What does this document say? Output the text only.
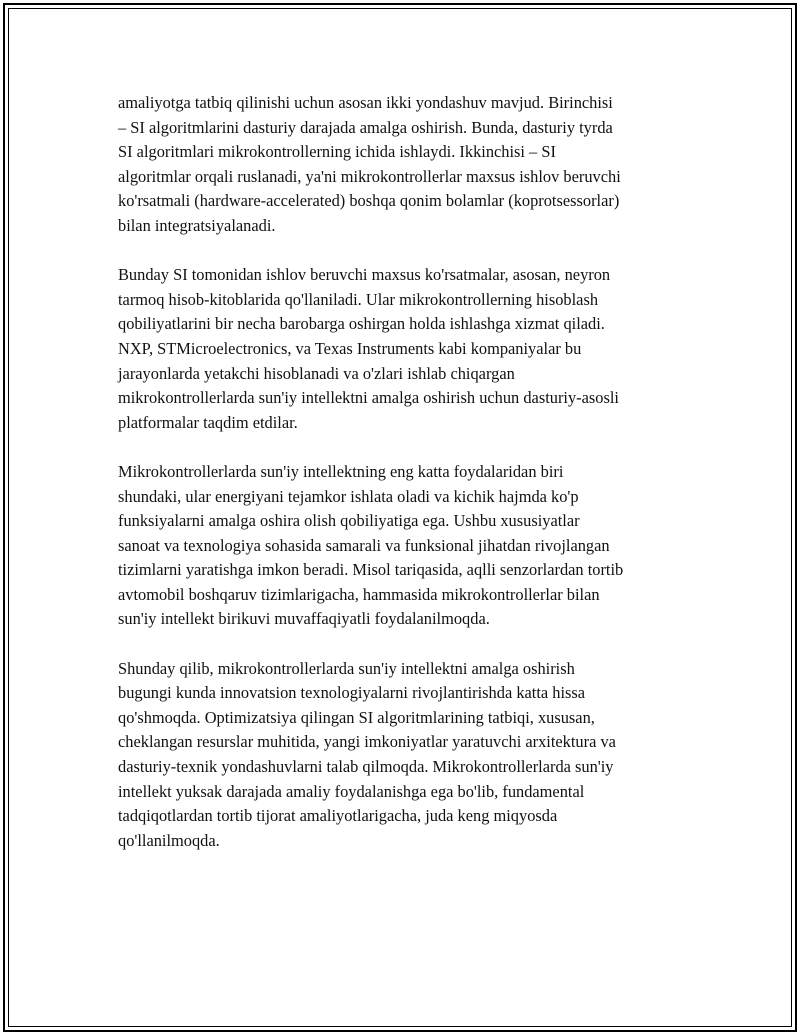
amaliyotga tatbiq qilinishi uchun asosan ikki yondashuv mavjud. Birinchisi
– SI algoritmlarini dasturiy darajada amalga oshirish. Bunda, dasturiy tyrda
SI algoritmlari mikrokontrollerning ichida ishlaydi. Ikkinchisi – SI
algoritmlar orqali ruslanadi, ya'ni mikrokontrollerlar maxsus ishlov beruvchi
ko'rsatmali (hardware-accelerated) boshqa qonim bolamlar (koprotsessorlar)
bilan integratsiyalanadi.

Bunday SI tomonidan ishlov beruvchi maxsus ko'rsatmalar, asosan, neyron
tarmoq hisob-kitoblarida qo'llaniladi. Ular mikrokontrollerning hisoblash
qobiliyatlarini bir necha barobarga oshirgan holda ishlashga xizmat qiladi.
NXP, STMicroelectronics, va Texas Instruments kabi kompaniyalar bu
jarayonlarda yetakchi hisoblanadi va o'zlari ishlab chiqargan
mikrokontrollerlarda sun'iy intellektni amalga oshirish uchun dasturiy-asosli
platformalar taqdim etdilar.

Mikrokontrollerlarda sun'iy intellektning eng katta foydalaridan biri
shundaki, ular energiyani tejamkor ishlata oladi va kichik hajmda ko'p
funksiyalarni amalga oshira olish qobiliyatiga ega. Ushbu xususiyatlar
sanoat va texnologiya sohasida samarali va funksional jihatdan rivojlangan
tizimlarni yaratishga imkon beradi. Misol tariqasida, aqlli senzorlardan tortib
avtomobil boshqaruv tizimlarigacha, hammasida mikrokontrollerlar bilan
sun'iy intellekt birikuvi muvaffaqiyatli foydalanilmoqda.

Shunday qilib, mikrokontrollerlarda sun'iy intellektni amalga oshirish
bugungi kunda innovatsion texnologiyalarni rivojlantirishda katta hissa
qo'shmoqda. Optimizatsiya qilingan SI algoritmlarining tatbiqi, xususan,
cheklangan resurslar muhitida, yangi imkoniyatlar yaratuvchi arxitektura va
dasturiy-texnik yondashuvlarni talab qilmoqda. Mikrokontrollerlarda sun'iy
intellekt yuksak darajada amaliy foydalanishga ega bo'lib, fundamental
tadqiqotlardan tortib tijorat amaliyotlarigacha, juda keng miqyosda
qo'llanilmoqda.
